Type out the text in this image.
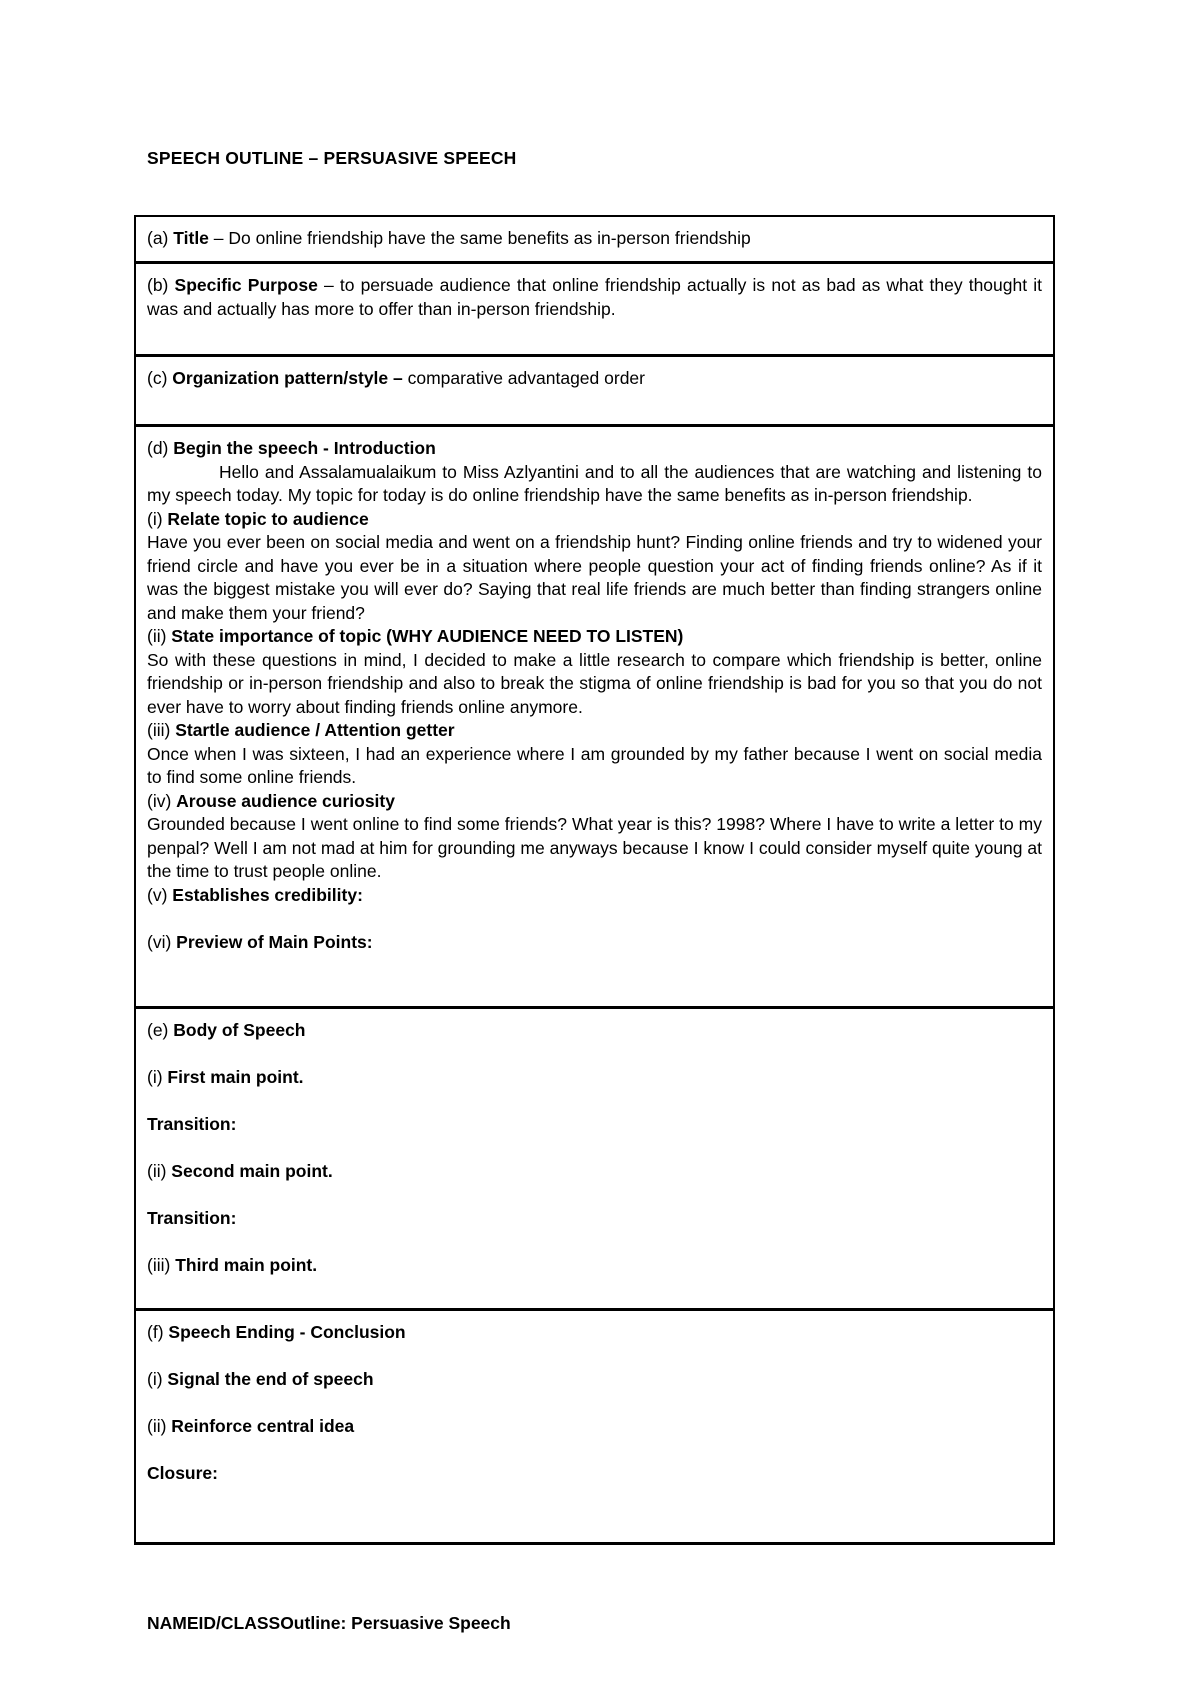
SPEECH OUTLINE – PERSUASIVE SPEECH

(a) Title – Do online friendship have the same benefits as in-person friendship

(b) Specific Purpose – to persuade audience that online friendship actually is not as bad as what they thought it was and actually has more to offer than in-person friendship.

(c) Organization pattern/style – comparative advantaged order

(d) Begin the speech - Introduction

Hello and Assalamualaikum to Miss Azlyantini and to all the audiences that are watching and listening to my speech today. My topic for today is do online friendship have the same benefits as in-person friendship.

(i) Relate topic to audience

Have you ever been on social media and went on a friendship hunt? Finding online friends and try to widened your friend circle and have you ever be in a situation where people question your act of finding friends online? As if it was the biggest mistake you will ever do? Saying that real life friends are much better than finding strangers online and make them your friend?

(ii) State importance of topic (WHY AUDIENCE NEED TO LISTEN)

So with these questions in mind, I decided to make a little research to compare which friendship is better, online friendship or in-person friendship and also to break the stigma of online friendship is bad for you so that you do not ever have to worry about finding friends online anymore.

(iii) Startle audience / Attention getter

Once when I was sixteen, I had an experience where I am grounded by my father because I went on social media to find some online friends.

(iv) Arouse audience curiosity

Grounded because I went online to find some friends? What year is this? 1998? Where I have to write a letter to my penpal? Well I am not mad at him for grounding me anyways because I know I could consider myself quite young at the time to trust people online.

(v) Establishes credibility:

(vi) Preview of Main Points:

(e) Body of Speech

(i) First main point.

Transition:

(ii) Second main point.

Transition:

(iii) Third main point.

(f) Speech Ending - Conclusion

(i) Signal the end of speech

(ii) Reinforce central idea

Closure:

NAMEID/CLASSOutline: Persuasive Speech
